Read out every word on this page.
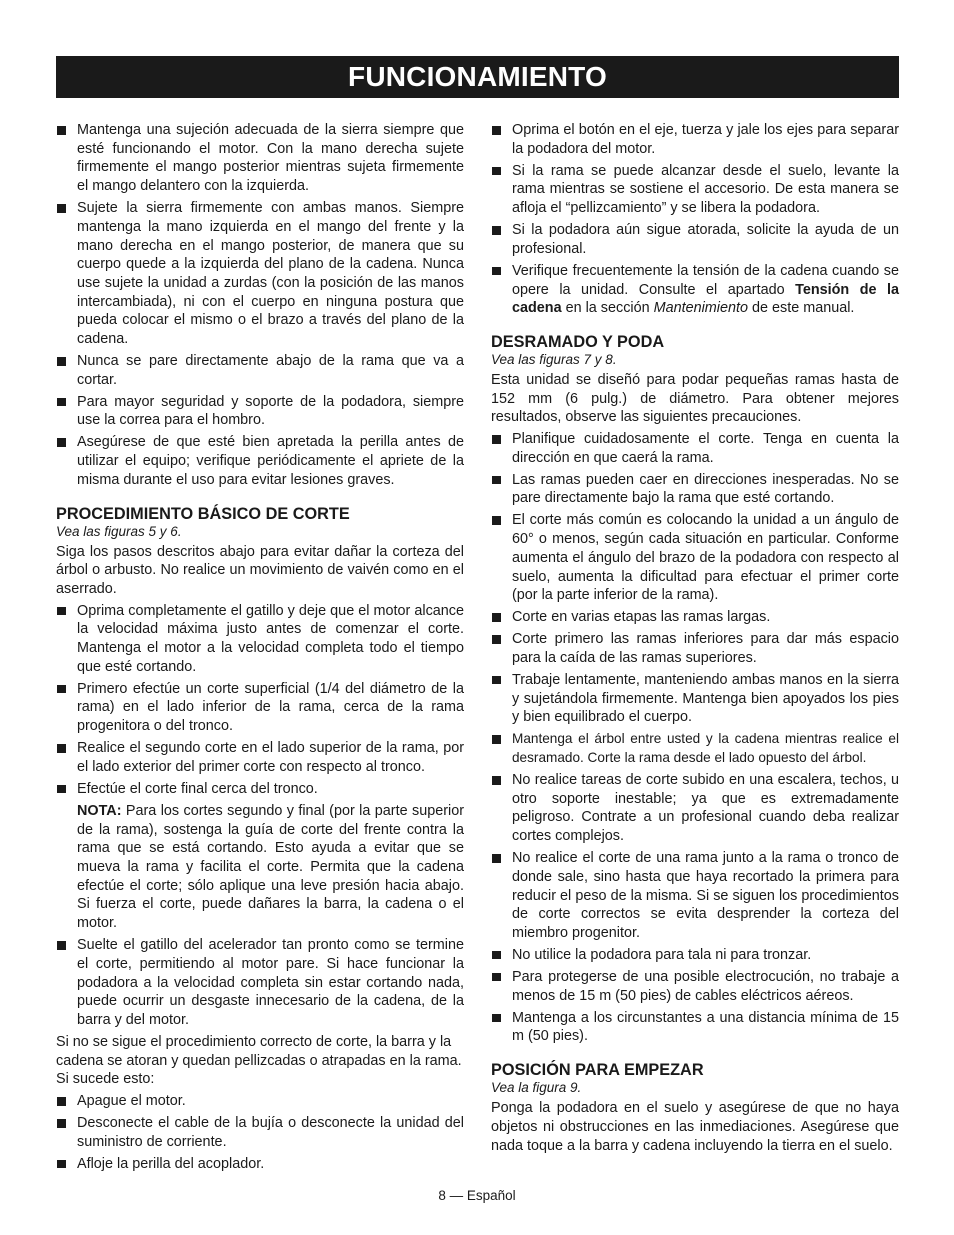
FUNCIONAMIENTO
Mantenga una sujeción adecuada de la sierra siempre que esté funcionando el motor. Con la mano derecha sujete firmemente el mango posterior mientras sujeta firmemente el mango delantero con la izquierda.
Sujete la sierra firmemente con ambas manos. Siempre mantenga la mano izquierda en el mango del frente y la mano derecha en el mango posterior, de manera que su cuerpo quede a la izquierda del plano de la cadena. Nunca use sujete la unidad a zurdas (con la posición de las manos intercambiada), ni con el cuerpo en ninguna postura que pueda colocar el mismo o el brazo a través del plano de la cadena.
Nunca se pare directamente abajo de la rama que va a cortar.
Para mayor seguridad y soporte de la podadora, siempre use la correa para el hombro.
Asegúrese de que esté bien apretada la perilla antes de utilizar el equipo; verifique periódicamente el apriete de la misma durante el uso para evitar lesiones graves.
PROCEDIMIENTO BÁSICO DE CORTE

Vea las figuras 5 y 6.

Siga los pasos descritos abajo para evitar dañar la corteza del árbol o arbusto. No realice un movimiento de vaivén como en el aserrado.

Oprima completamente el gatillo y deje que el motor alcance la velocidad máxima justo antes de comenzar el corte. Mantenga el motor a la velocidad completa todo el tiempo que esté cortando.
Primero efectúe un corte superficial (1/4 del diámetro de la rama) en el lado inferior de la rama, cerca de la rama progenitora o del tronco.
Realice el segundo corte en el lado superior de la rama, por el lado exterior del primer corte con respecto al tronco.
Efectúe el corte final cerca del tronco.

NOTA: Para los cortes segundo y final (por la parte superior de la rama), sostenga la guía de corte del frente contra la rama que se está cortando. Esto ayuda a evitar que se mueva la rama y facilita el corte. Permita que la cadena efectúe el corte; sólo aplique una leve presión hacia abajo. Si fuerza el corte, puede dañares la barra, la cadena o el motor.

Suelte el gatillo del acelerador tan pronto como se termine el corte, permitiendo al motor pare. Si hace funcionar la podadora a la velocidad completa sin estar cortando nada, puede ocurrir un desgaste innecesario de la cadena, de la barra y del motor.

Si no se sigue el procedimiento correcto de corte, la barra y la cadena se atoran y quedan pellizcadas o atrapadas en la rama. Si sucede esto:

Apague el motor.
Desconecte el cable de la bujía o desconecte la unidad del suministro de corriente.
Afloje la perilla del acoplador.
Oprima el botón en el eje, tuerza y jale los ejes para separar la podadora del motor.
Si la rama se puede alcanzar desde el suelo, levante la rama mientras se sostiene el accesorio. De esta manera se afloja el “pellizcamiento” y se libera la podadora.
Si la podadora aún sigue atorada, solicite la ayuda de un profesional.
Verifique frecuentemente la tensión de la cadena cuando se opere la unidad. Consulte el apartado Tensión de la cadena en la sección Mantenimiento de este manual.
DESRAMADO Y PODA

Vea las figuras 7 y 8.

Esta unidad se diseñó para podar pequeñas ramas hasta de 152 mm (6 pulg.) de diámetro. Para obtener mejores resultados, observe las siguientes precauciones.

Planifique cuidadosamente el corte. Tenga en cuenta la dirección en que caerá la rama.
Las ramas pueden caer en direcciones inesperadas. No se pare directamente bajo la rama que esté cortando.
El corte más común es colocando la unidad a un ángulo de 60° o menos, según cada situación en particular. Conforme aumenta el ángulo del brazo de la podadora con respecto al suelo, aumenta la dificultad para efectuar el primer corte (por la parte inferior de la rama).
Corte en varias etapas las ramas largas.
Corte primero las ramas inferiores para dar más espacio para la caída de las ramas superiores.
Trabaje lentamente, manteniendo ambas manos en la sierra y sujetándola firmemente. Mantenga bien apoyados los pies y bien equilibrado el cuerpo.
Mantenga el árbol entre usted y la cadena mientras realice el desramado. Corte la rama desde el lado opuesto del árbol.
No realice tareas de corte subido en una escalera, techos, u otro soporte inestable; ya que es extremadamente peligroso. Contrate a un profesional cuando deba realizar cortes complejos.
No realice el corte de una rama junto a la rama o tronco de donde sale, sino hasta que haya recortado la primera para reducir el peso de la misma. Si se siguen los procedimientos de corte correctos se evita desprender la corteza del miembro progenitor.
No utilice la podadora para tala ni para tronzar.
Para protegerse de una posible electrocución, no trabaje a menos de 15 m (50 pies) de cables eléctricos aéreos.
Mantenga a los circunstantes a una distancia mínima de 15 m (50 pies).
POSICIÓN PARA EMPEZAR

Vea la figura 9.

Ponga la podadora en el suelo y asegúrese de que no haya objetos ni obstrucciones en las inmediaciones. Asegúrese que nada toque a la barra y cadena incluyendo la tierra en el suelo.

8 — Español
